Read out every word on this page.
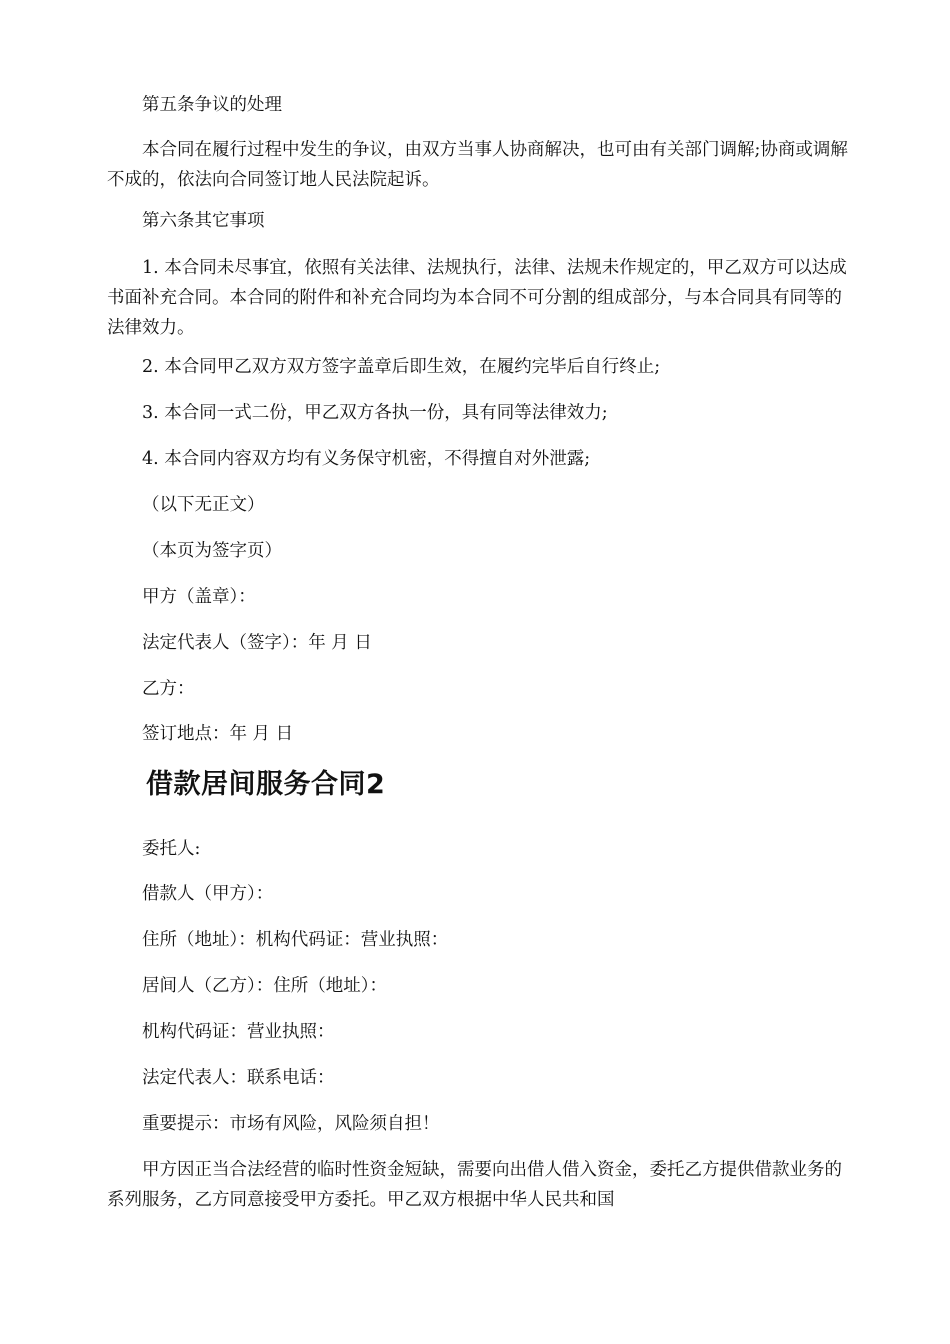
第五条争议的处理

本合同在履行过程中发生的争议，由双方当事人协商解决，也可由有关部门调解;协商或调解不成的，依法向合同签订地人民法院起诉。

第六条其它事项

1. 本合同未尽事宜，依照有关法律、法规执行，法律、法规未作规定的，甲乙双方可以达成书面补充合同。本合同的附件和补充合同均为本合同不可分割的组成部分，与本合同具有同等的法律效力。

2. 本合同甲乙双方双方签字盖章后即生效，在履约完毕后自行终止;

3. 本合同一式二份，甲乙双方各执一份，具有同等法律效力;

4. 本合同内容双方均有义务保守机密，不得擅自对外泄露;

（以下无正文）

（本页为签字页）

甲方（盖章）：

法定代表人（签字）：年 月 日

乙方：

签订地点：年 月 日

借款居间服务合同2

委托人:

借款人（甲方）：

住所（地址）：机构代码证：营业执照：

居间人（乙方）：住所（地址）：

机构代码证：营业执照：

法定代表人：联系电话：

重要提示：市场有风险，风险须自担！

甲方因正当合法经营的临时性资金短缺，需要向出借人借入资金，委托乙方提供借款业务的系列服务，乙方同意接受甲方委托。甲乙双方根据中华人民共和国
